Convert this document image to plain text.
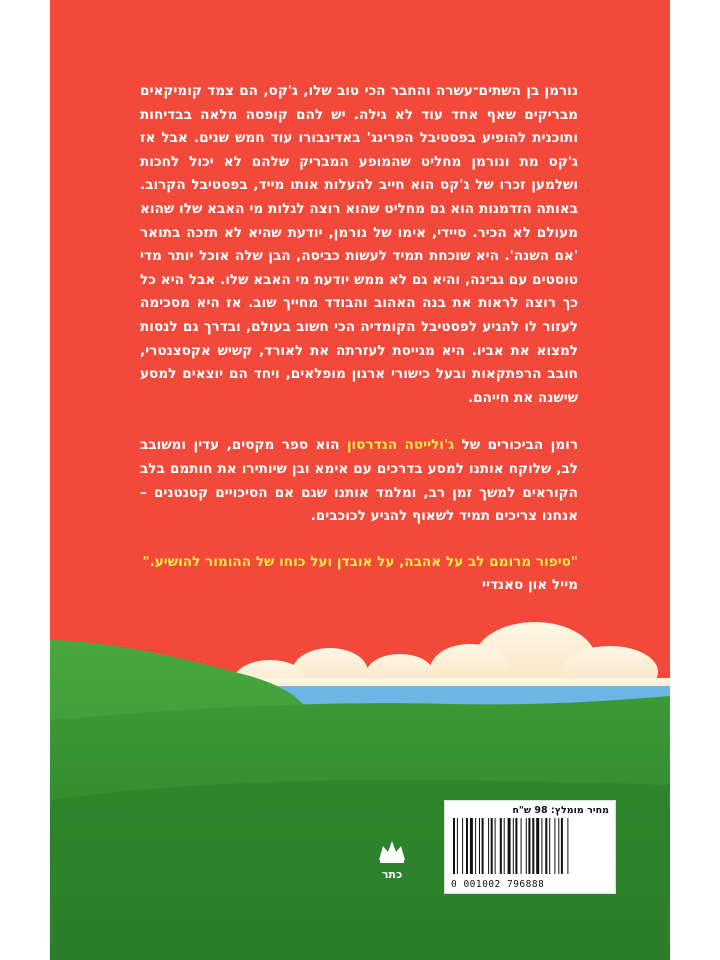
נורמן בן השתים־עשרה והחבר הכי טוב שלו, ג'קס, הם צמד קומיקאים מבריקים שאף אחד עוד לא גילה. יש להם קופסה מלאה בבדיחות ותוכנית להופיע בפסטיבל הפרינג' באדינבורו עוד חמש שנים. אבל אז ג'קס מת ונורמן מחליט שהמופע המבריק שלהם לא יכול לחכות ושלמען זכרו של ג'קס הוא חייב להעלות אותו מייד, בפסטיבל הקרוב. באותה הזדמנות הוא גם מחליט שהוא רוצה לגלות מי האבא שלו שהוא מעולם לא הכיר. סיידי, אימו של נורמן, יודעת שהיא לא תזכה בתואר 'אם השנה'. היא שוכחת תמיד לעשות כביסה, הבן שלה אוכל יותר מדי טוסטים עם גבינה, והיא גם לא ממש יודעת מי האבא שלו. אבל היא כל כך רוצה לראות את בנה האהוב והבודד מחייך שוב. אז היא מסכימה לעזור לו להגיע לפסטיבל הקומדיה הכי חשוב בעולם, ובדרך גם לנסות למצוא את אביו. היא מגייסת לעזרתה את לאורד, קשיש אקסצנטרי, חובב הרפתקאות ובעל כישורי ארגון מופלאים, ויחד הם יוצאים למסע שישנה את חייהם.

רומן הביכורים של ג'ולייטה הנדרסון הוא ספר מקסים, עדין ומשובב לב, שלוקח אותנו למסע בדרכים עם אימא ובן שיותירו את חותמם בלב הקוראים למשך זמן רב, ומלמד אותנו שגם אם הסיכויים קטנטנים – אנחנו צריכים תמיד לשאוף להגיע לכוכבים.

"סיפור מרומם לב על אהבה, על אובדן ועל כוחו של ההומור להושיע."

מייל און סאנדיי

כתר
מחיר מומלץ: 98 ש"ח
0 001002 796888
